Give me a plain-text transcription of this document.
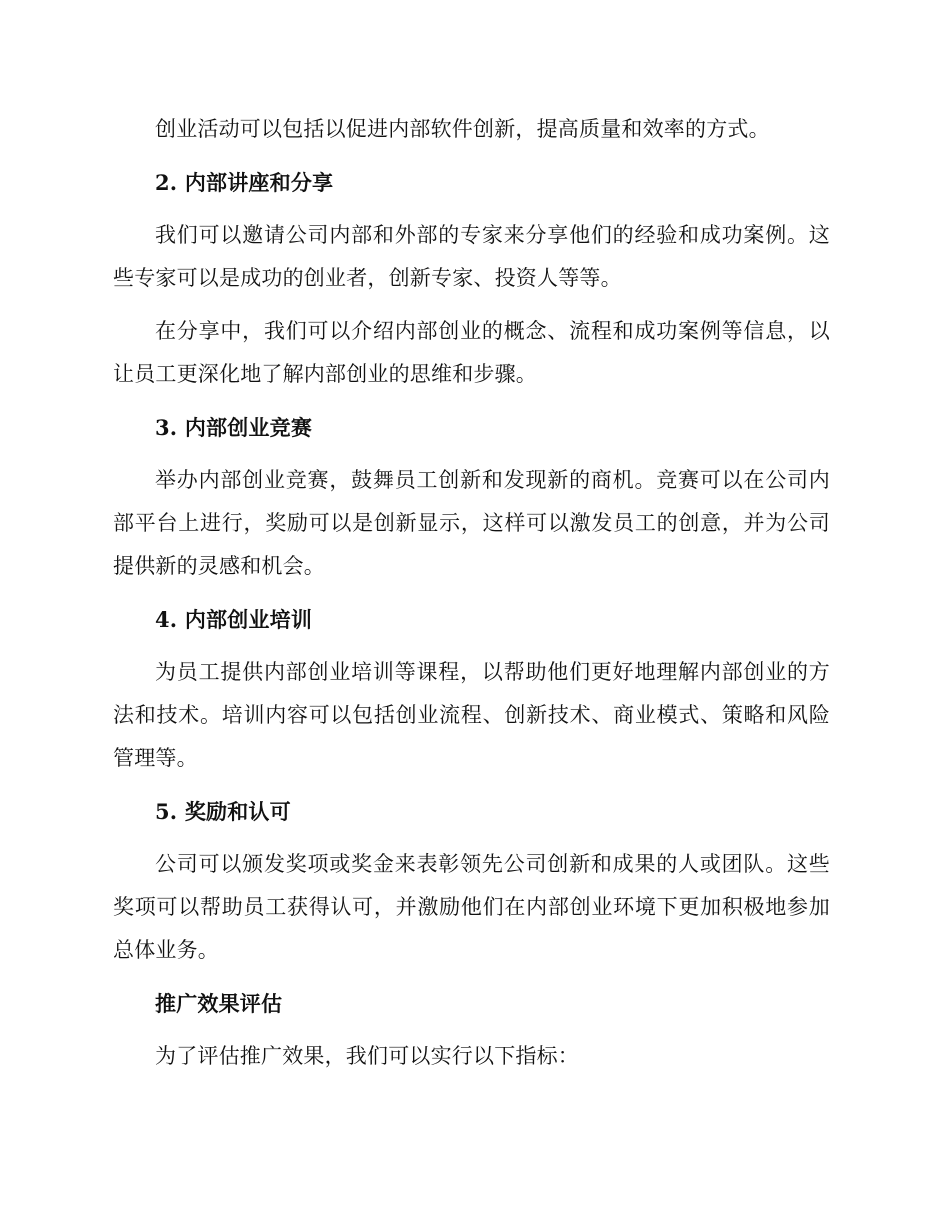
创业活动可以包括以促进内部软件创新，提高质量和效率的方式。

2. 内部讲座和分享

我们可以邀请公司内部和外部的专家来分享他们的经验和成功案例。这些专家可以是成功的创业者，创新专家、投资人等等。

在分享中，我们可以介绍内部创业的概念、流程和成功案例等信息，以让员工更深化地了解内部创业的思维和步骤。

3. 内部创业竞赛

举办内部创业竞赛，鼓舞员工创新和发现新的商机。竞赛可以在公司内部平台上进行，奖励可以是创新显示，这样可以激发员工的创意，并为公司提供新的灵感和机会。

4. 内部创业培训

为员工提供内部创业培训等课程，以帮助他们更好地理解内部创业的方法和技术。培训内容可以包括创业流程、创新技术、商业模式、策略和风险管理等。

5. 奖励和认可

公司可以颁发奖项或奖金来表彰领先公司创新和成果的人或团队。这些奖项可以帮助员工获得认可，并激励他们在内部创业环境下更加积极地参加总体业务。

推广效果评估

为了评估推广效果，我们可以实行以下指标：
